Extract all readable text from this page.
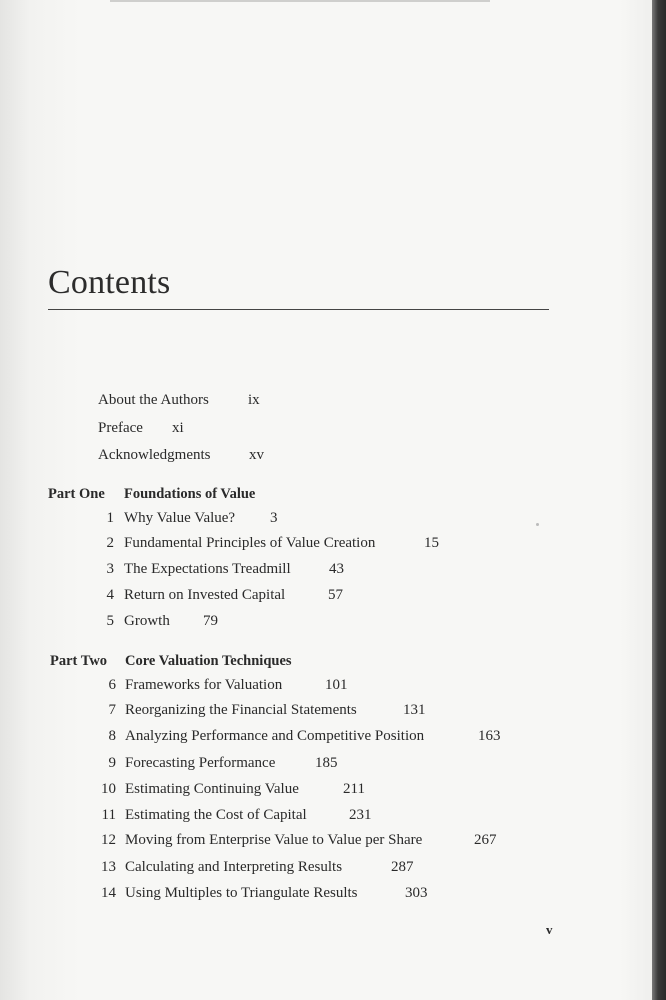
Contents
About the Authors	ix
Preface xi
Acknowledgments	xv
Part One Foundations of Value
1 Why Value Value? 3
2 Fundamental Principles of Value Creation	15
3 The Expectations Treadmill	43
4 Return on Invested Capital	57
5 Growth 79
Part Two Core Valuation Techniques
6 Frameworks for Valuation	101
7 Reorganizing the Financial Statements	131
8 Analyzing Performance and Competitive Position	163
9 Forecasting Performance	185
10 Estimating Continuing Value	211
11 Estimating the Cost of Capital	231
12 Moving from Enterprise Value to Value per Share	267
13 Calculating and Interpreting Results	287
14 Using Multiples to Triangulate Results	303
v
